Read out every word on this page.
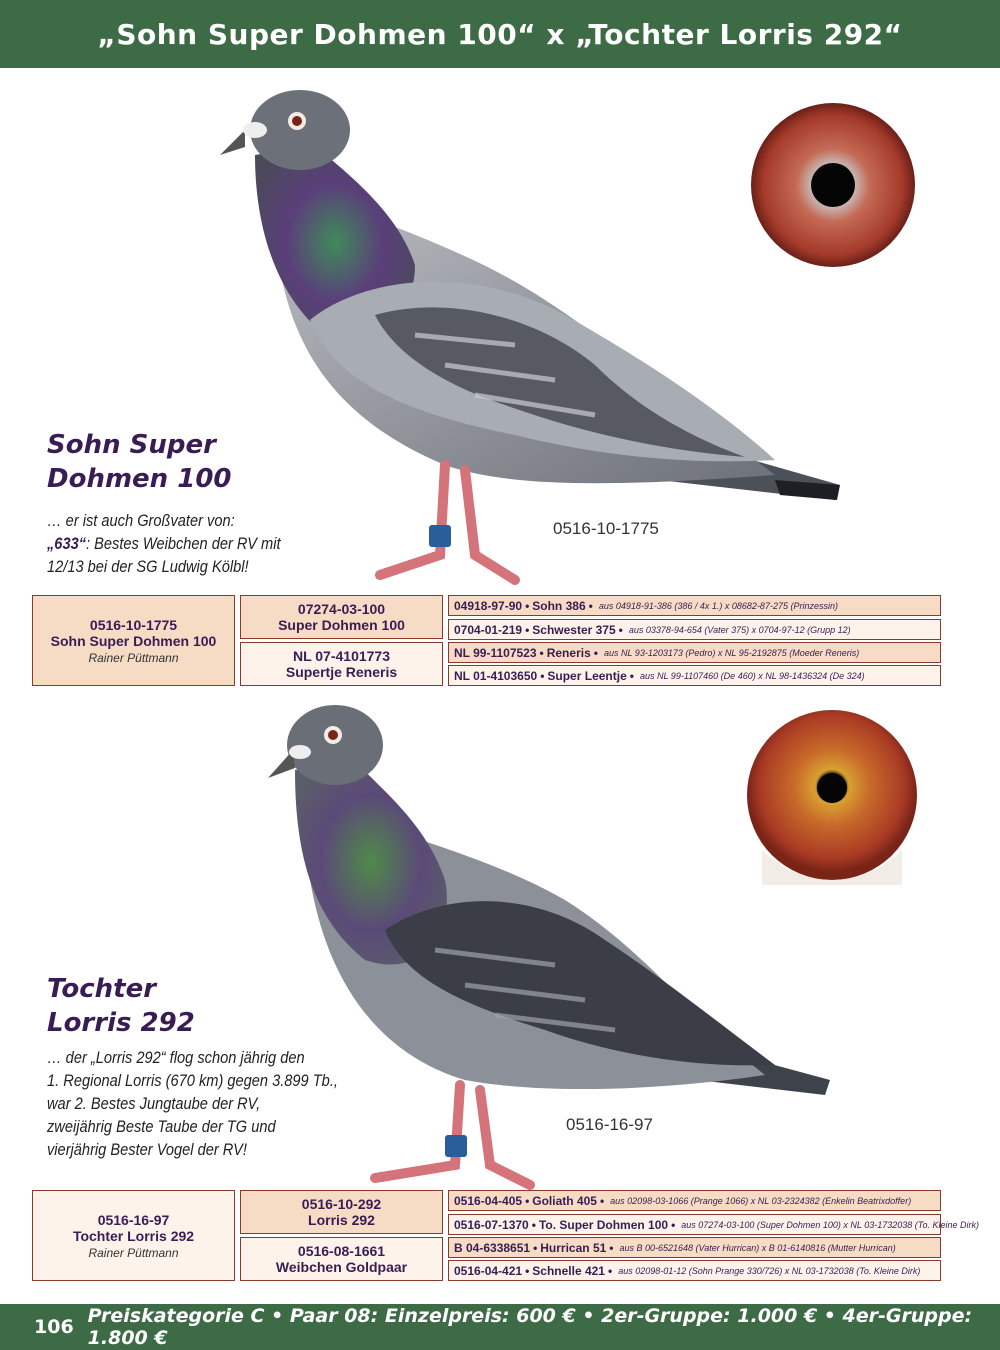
„Sohn Super Dohmen 100“ x „Tochter Lorris 292“
Sohn Super
Dohmen 100
… er ist auch Großvater von:
„633“: Bestes Weibchen der RV mit
12/13 bei der SG Ludwig Kölbl!
0516-10-1775
0516-10-1775
Sohn Super Dohmen 100
Rainer Püttmann
07274-03-100
Super Dohmen 100
NL 07-4101773
Supertje Reneris
04918-97-90 • Sohn 386 • aus 04918-91-386 (386 / 4x 1.) x 08682-87-275 (Prinzessin)
0704-01-219 • Schwester 375 • aus 03378-94-654 (Vater 375) x 0704-97-12 (Grupp 12)
NL 99-1107523 • Reneris • aus NL 93-1203173 (Pedro) x NL 95-2192875 (Moeder Reneris)
NL 01-4103650 • Super Leentje • aus NL 99-1107460 (De 460) x NL 98-1436324 (De 324)
Tochter
Lorris 292
… der „Lorris 292“ flog schon jährig den
1. Regional Lorris (670 km) gegen 3.899 Tb.,
war 2. Bestes Jungtaube der RV,
zweijährig Beste Taube der TG und
vierjährig Bester Vogel der RV!
0516-16-97
0516-16-97
Tochter Lorris 292
Rainer Püttmann
0516-10-292
Lorris 292
0516-08-1661
Weibchen Goldpaar
0516-04-405 • Goliath 405 • aus 02098-03-1066 (Prange 1066) x NL 03-2324382 (Enkelin Beatrixdoffer)
0516-07-1370 • To. Super Dohmen 100 • aus 07274-03-100 (Super Dohmen 100) x NL 03-1732038 (To. Kleine Dirk)
B 04-6338651 • Hurrican 51 • aus B 00-6521648 (Vater Hurrican) x B 01-6140816 (Mutter Hurrican)
0516-04-421 • Schnelle 421 • aus 02098-01-12 (Sohn Prange 330/726) x NL 03-1732038 (To. Kleine Dirk)
106 Preiskategorie C • Paar 08: Einzelpreis: 600 € • 2er-Gruppe: 1.000 € • 4er-Gruppe: 1.800 €
